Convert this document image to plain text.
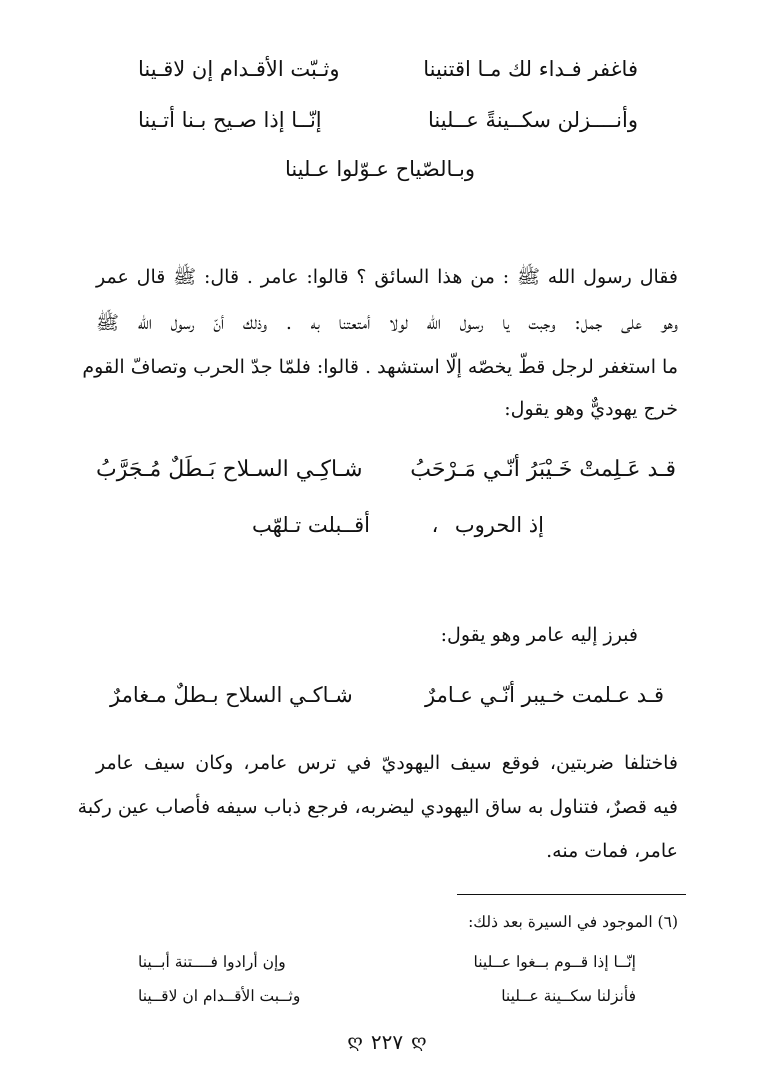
فاغفر فـداء لك مـا اقتنينا
وثـبّت الأقـدام إن لاقـينا
وأنــــزلن سكــينةً عــلينا
إنّــا إذا صـيح بـنا أتـينا
وبـالصّياح عـوّلوا عـلينا
فقال رسول الله ﷺ : من هذا السائق ؟ قالوا: عامر . قال: ﷺ قال عمر
وهو على جمل: وجبت يا رسول الله لولا أمتعتنا به . وذلك أنّ رسول الله ﷺ
ما استغفر لرجل قطّ يخصّه إلّا استشهد . قالوا: فلمّا جدّ الحرب وتصافّ القوم
خرج يهوديٌّ وهو يقول:
قـد عَـلِمتْ خَـيْبَرُ أنّـي مَـرْحَبُ
شـاكِـي السـلاح بَـطَلٌ مُـجَرَّبُ
إذ الحروب
،
أقــبلت تـلهّب
فبرز إليه عامر وهو يقول:
قـد عـلمت خـيبر أنّـي عـامرٌ
شـاكـي السلاح بـطلٌ مـغامرٌ
فاختلفا ضربتين، فوقع سيف اليهوديّ في ترس عامر، وكان سيف عامر
فيه قصرٌ، فتناول به ساق اليهودي ليضربه، فرجع ذباب سيفه فأصاب عين ركبة
عامر، فمات منه.
(٦) الموجود في السيرة بعد ذلك:
إنّــا إذا قــوم بــغوا عــلينا
وإن أرادوا فــــتنة أبــينا
فأنزلنا سكــينة عــلينا
وثــبت الأقــدام ان لاقــينا
ღ ٢٢٧ ღ
